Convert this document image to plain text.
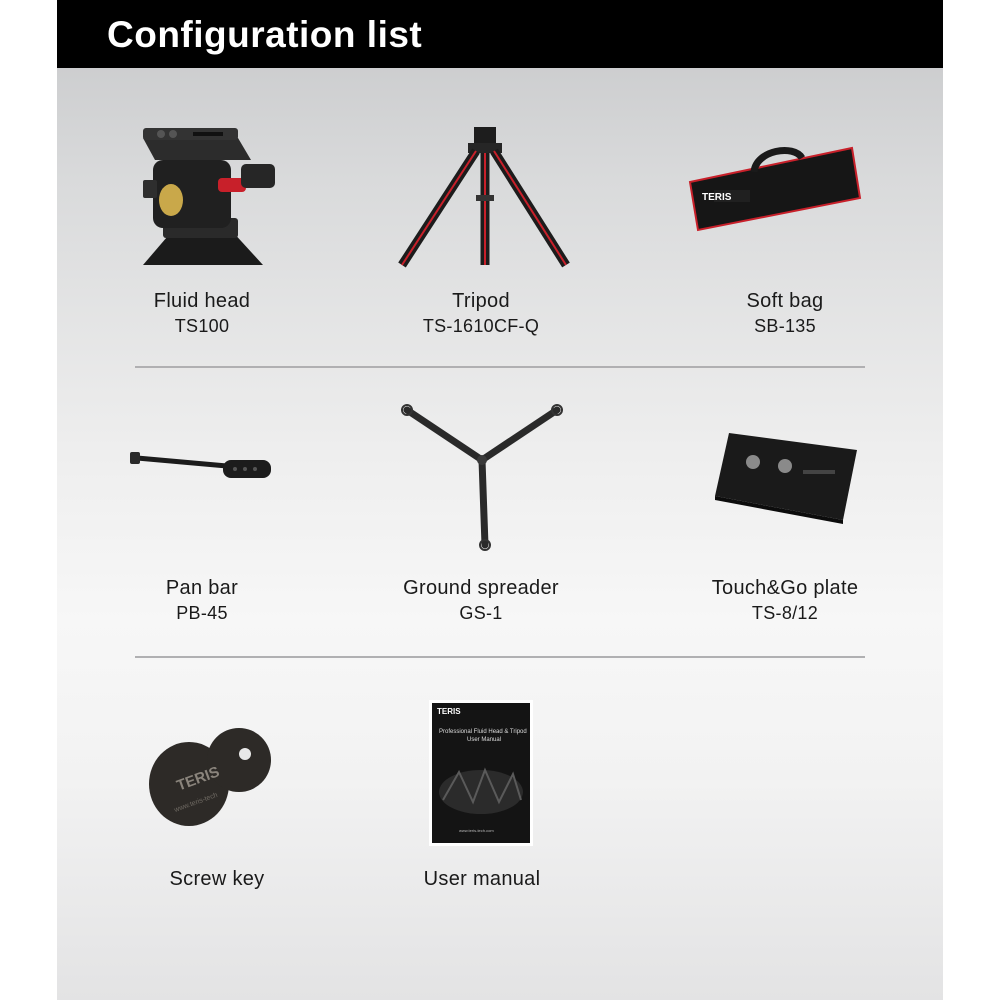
Configuration list
TERIS
Fluid head
TS100
Tripod
TS-1610CF-Q
Soft bag
SB-135
Pan bar
PB-45
Ground spreader
GS-1
Touch&Go plate
TS-8/12
TERIS
www.teris-tech
TERIS
Professional Fluid Head & Tripod
User Manual
www.teris-tech.com
Screw key	User manual
